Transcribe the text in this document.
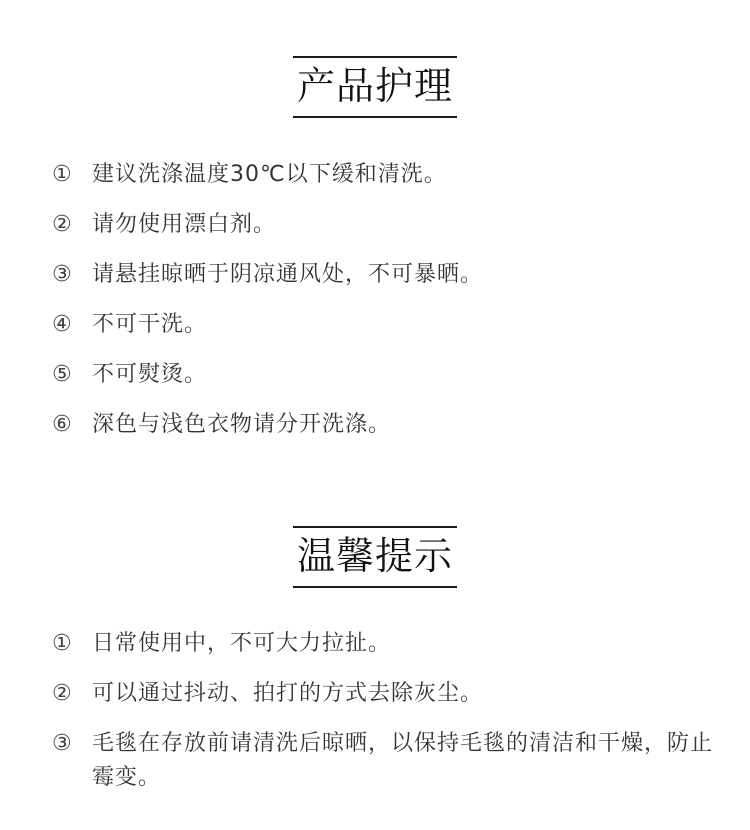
产品护理
① 建议洗涤温度30℃以下缓和清洗。
② 请勿使用漂白剂。
③ 请悬挂晾晒于阴凉通风处，不可暴晒。
④ 不可干洗。
⑤ 不可熨烫。
⑥ 深色与浅色衣物请分开洗涤。
温馨提示
① 日常使用中，不可大力拉扯。
② 可以通过抖动、拍打的方式去除灰尘。
③ 毛毯在存放前请清洗后晾晒，以保持毛毯的清洁和干燥，防止霉变。
